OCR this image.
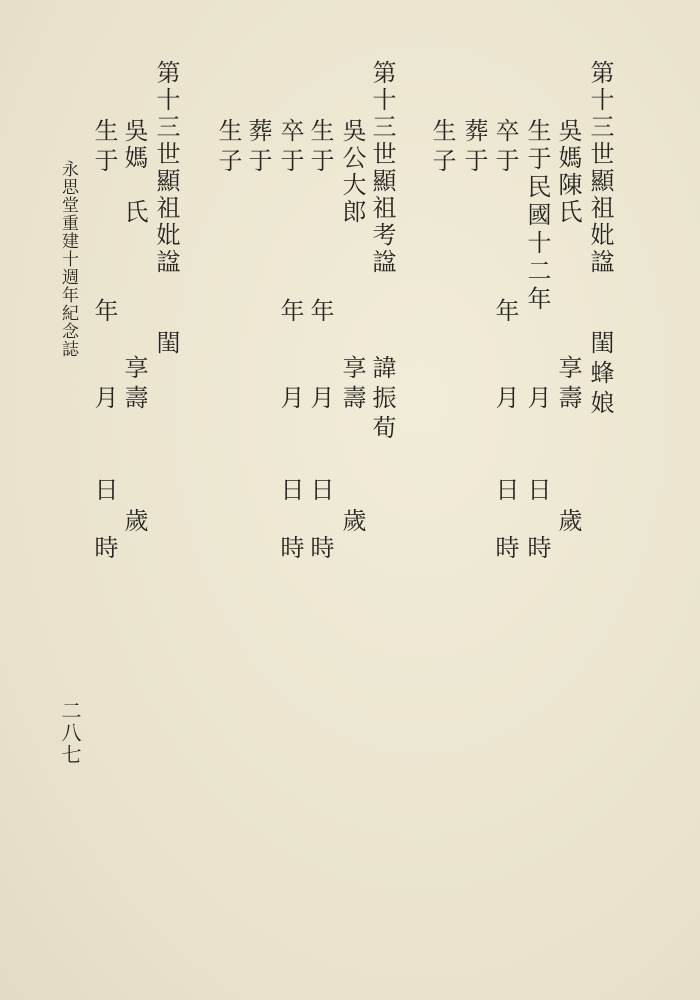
第十三世顯祖妣諡
閨蜂娘
吳媽陳氏
享壽
歲
生于民國十二年
月
日
時
卒于
年
月
日
時
葬于
生子
第十三世顯祖考諡
諱振荀
吳公大郎
享壽
歲
生于
年
月
日
時
卒于
年
月
日
時
葬于
生子
第十三世顯祖妣諡
閨
吳媽　氏
享壽
歲
生于
年
月
日
時
永思堂重建十週年紀念誌
二八七
